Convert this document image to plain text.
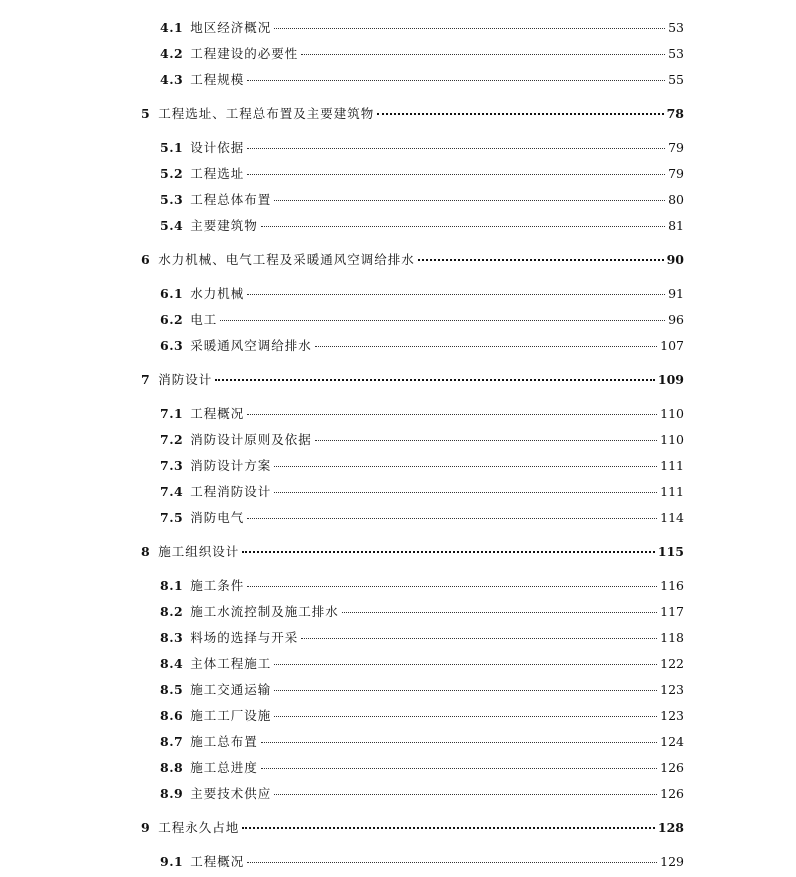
4.1 地区经济概况	53
4.2 工程建设的必要性	53
4.3 工程规模	55
5 工程选址、工程总布置及主要建筑物	78
5.1 设计依据	79
5.2 工程选址	79
5.3 工程总体布置	80
5.4 主要建筑物	81
6 水力机械、电气工程及采暖通风空调给排水	90
6.1 水力机械	91
6.2 电工	96
6.3 采暖通风空调给排水	107
7 消防设计	109
7.1 工程概况	110
7.2 消防设计原则及依据	110
7.3 消防设计方案	111
7.4 工程消防设计	111
7.5 消防电气	114
8 施工组织设计	115
8.1 施工条件	116
8.2 施工水流控制及施工排水	117
8.3 料场的选择与开采	118
8.4 主体工程施工	122
8.5 施工交通运输	123
8.6 施工工厂设施	123
8.7 施工总布置	124
8.8 施工总进度	126
8.9 主要技术供应	126
9 工程永久占地	128
9.1 工程概况	129
